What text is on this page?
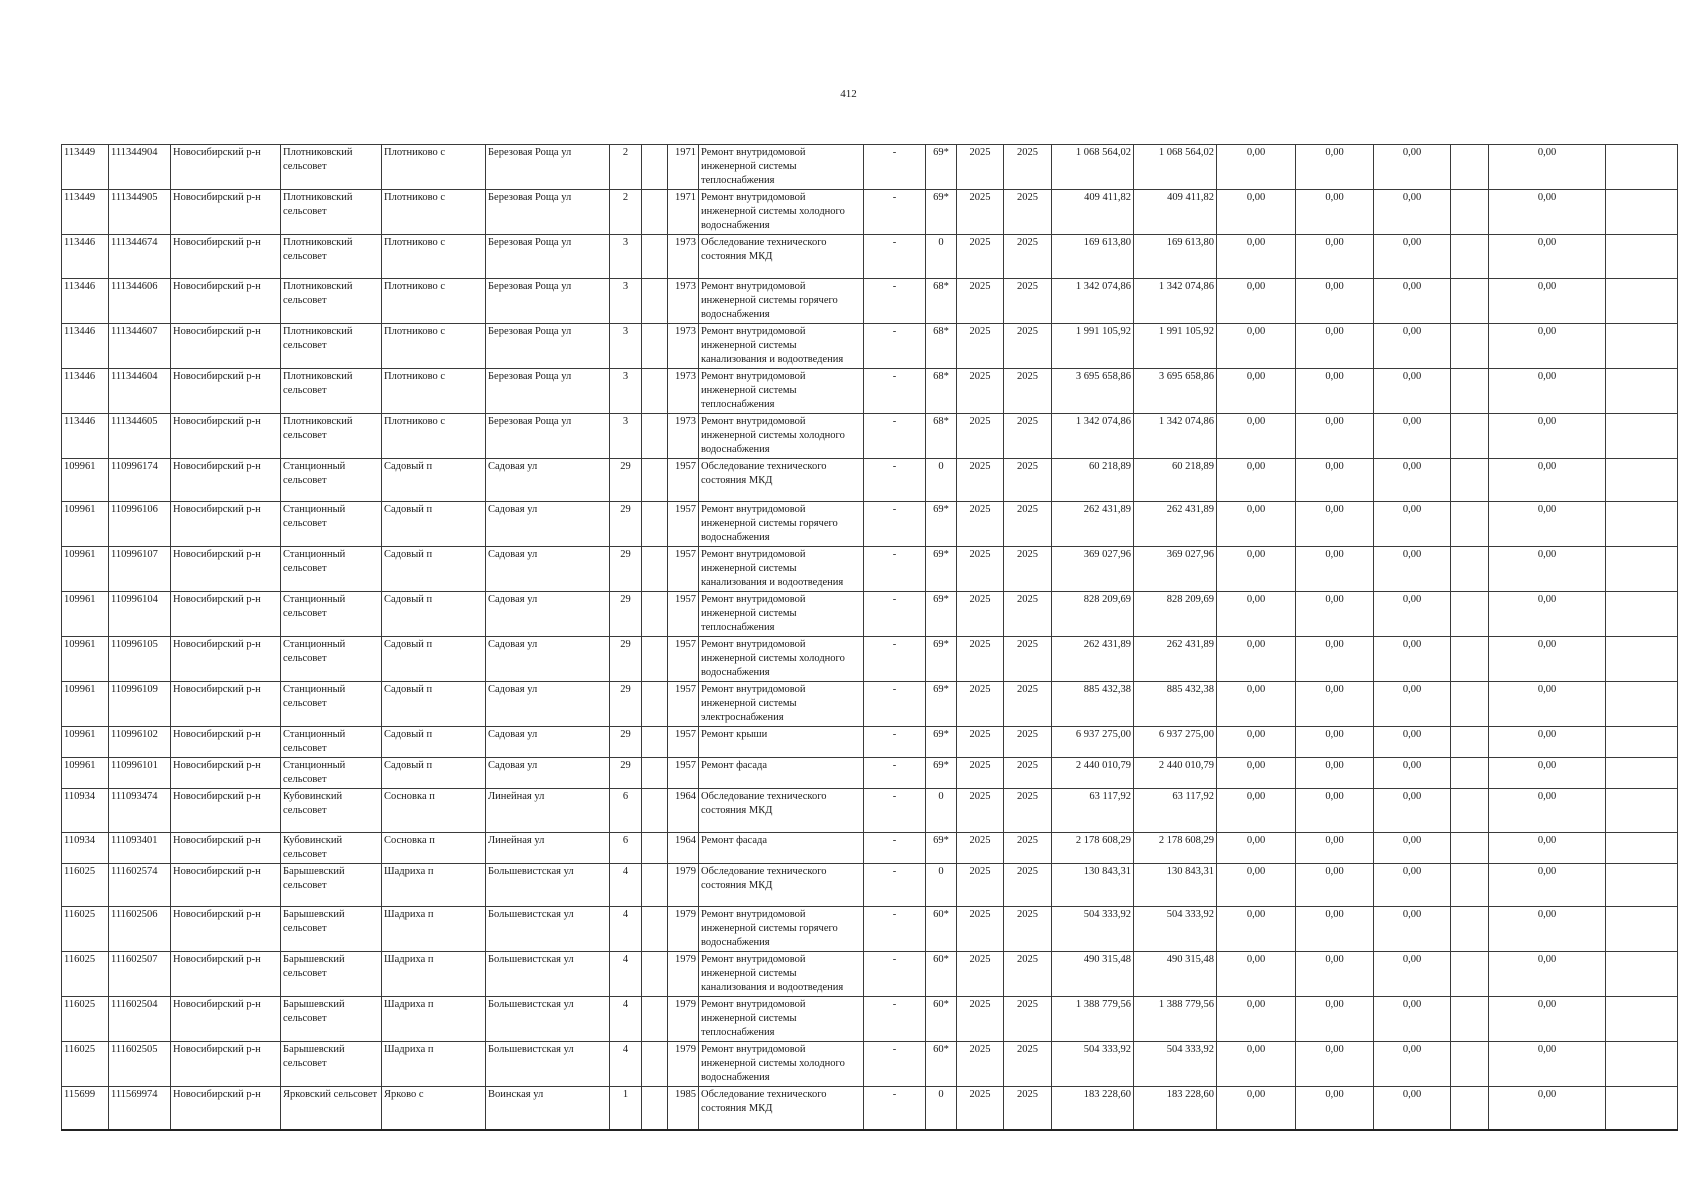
412
113449	111344904	Новосибирский р-н	Плотниковский сельсовет	Плотниково с	Березовая Роща ул	2		1971	Ремонт внутридомовой инженерной системы теплоснабжения	-	69*	2025	2025	1 068 564,02	1 068 564,02	0,00	0,00	0,00		0,00	
113449	111344905	Новосибирский р-н	Плотниковский сельсовет	Плотниково с	Березовая Роща ул	2		1971	Ремонт внутридомовой инженерной системы холодного водоснабжения	-	69*	2025	2025	409 411,82	409 411,82	0,00	0,00	0,00		0,00	
113446	111344674	Новосибирский р-н	Плотниковский сельсовет	Плотниково с	Березовая Роща ул	3		1973	Обследование технического состояния МКД	-	0	2025	2025	169 613,80	169 613,80	0,00	0,00	0,00		0,00	
113446	111344606	Новосибирский р-н	Плотниковский сельсовет	Плотниково с	Березовая Роща ул	3		1973	Ремонт внутридомовой инженерной системы горячего водоснабжения	-	68*	2025	2025	1 342 074,86	1 342 074,86	0,00	0,00	0,00		0,00	
113446	111344607	Новосибирский р-н	Плотниковский сельсовет	Плотниково с	Березовая Роща ул	3		1973	Ремонт внутридомовой инженерной системы канализования и водоотведения	-	68*	2025	2025	1 991 105,92	1 991 105,92	0,00	0,00	0,00		0,00	
113446	111344604	Новосибирский р-н	Плотниковский сельсовет	Плотниково с	Березовая Роща ул	3		1973	Ремонт внутридомовой инженерной системы теплоснабжения	-	68*	2025	2025	3 695 658,86	3 695 658,86	0,00	0,00	0,00		0,00	
113446	111344605	Новосибирский р-н	Плотниковский сельсовет	Плотниково с	Березовая Роща ул	3		1973	Ремонт внутридомовой инженерной системы холодного водоснабжения	-	68*	2025	2025	1 342 074,86	1 342 074,86	0,00	0,00	0,00		0,00	
109961	110996174	Новосибирский р-н	Станционный сельсовет	Садовый п	Садовая ул	29		1957	Обследование технического состояния МКД	-	0	2025	2025	60 218,89	60 218,89	0,00	0,00	0,00		0,00	
109961	110996106	Новосибирский р-н	Станционный сельсовет	Садовый п	Садовая ул	29		1957	Ремонт внутридомовой инженерной системы горячего водоснабжения	-	69*	2025	2025	262 431,89	262 431,89	0,00	0,00	0,00		0,00	
109961	110996107	Новосибирский р-н	Станционный сельсовет	Садовый п	Садовая ул	29		1957	Ремонт внутридомовой инженерной системы канализования и водоотведения	-	69*	2025	2025	369 027,96	369 027,96	0,00	0,00	0,00		0,00	
109961	110996104	Новосибирский р-н	Станционный сельсовет	Садовый п	Садовая ул	29		1957	Ремонт внутридомовой инженерной системы теплоснабжения	-	69*	2025	2025	828 209,69	828 209,69	0,00	0,00	0,00		0,00	
109961	110996105	Новосибирский р-н	Станционный сельсовет	Садовый п	Садовая ул	29		1957	Ремонт внутридомовой инженерной системы холодного водоснабжения	-	69*	2025	2025	262 431,89	262 431,89	0,00	0,00	0,00		0,00	
109961	110996109	Новосибирский р-н	Станционный сельсовет	Садовый п	Садовая ул	29		1957	Ремонт внутридомовой инженерной системы электроснабжения	-	69*	2025	2025	885 432,38	885 432,38	0,00	0,00	0,00		0,00	
109961	110996102	Новосибирский р-н	Станционный сельсовет	Садовый п	Садовая ул	29		1957	Ремонт крыши	-	69*	2025	2025	6 937 275,00	6 937 275,00	0,00	0,00	0,00		0,00	
109961	110996101	Новосибирский р-н	Станционный сельсовет	Садовый п	Садовая ул	29		1957	Ремонт фасада	-	69*	2025	2025	2 440 010,79	2 440 010,79	0,00	0,00	0,00		0,00	
110934	111093474	Новосибирский р-н	Кубовинский сельсовет	Сосновка п	Линейная ул	6		1964	Обследование технического состояния МКД	-	0	2025	2025	63 117,92	63 117,92	0,00	0,00	0,00		0,00	
110934	111093401	Новосибирский р-н	Кубовинский сельсовет	Сосновка п	Линейная ул	6		1964	Ремонт фасада	-	69*	2025	2025	2 178 608,29	2 178 608,29	0,00	0,00	0,00		0,00	
116025	111602574	Новосибирский р-н	Барышевский сельсовет	Шадриха п	Большевистская ул	4		1979	Обследование технического состояния МКД	-	0	2025	2025	130 843,31	130 843,31	0,00	0,00	0,00		0,00	
116025	111602506	Новосибирский р-н	Барышевский сельсовет	Шадриха п	Большевистская ул	4		1979	Ремонт внутридомовой инженерной системы горячего водоснабжения	-	60*	2025	2025	504 333,92	504 333,92	0,00	0,00	0,00		0,00	
116025	111602507	Новосибирский р-н	Барышевский сельсовет	Шадриха п	Большевистская ул	4		1979	Ремонт внутридомовой инженерной системы канализования и водоотведения	-	60*	2025	2025	490 315,48	490 315,48	0,00	0,00	0,00		0,00	
116025	111602504	Новосибирский р-н	Барышевский сельсовет	Шадриха п	Большевистская ул	4		1979	Ремонт внутридомовой инженерной системы теплоснабжения	-	60*	2025	2025	1 388 779,56	1 388 779,56	0,00	0,00	0,00		0,00	
116025	111602505	Новосибирский р-н	Барышевский сельсовет	Шадриха п	Большевистская ул	4		1979	Ремонт внутридомовой инженерной системы холодного водоснабжения	-	60*	2025	2025	504 333,92	504 333,92	0,00	0,00	0,00		0,00	
115699	111569974	Новосибирский р-н	Ярковский сельсовет	Ярково с	Воинская ул	1		1985	Обследование технического состояния МКД	-	0	2025	2025	183 228,60	183 228,60	0,00	0,00	0,00		0,00	
